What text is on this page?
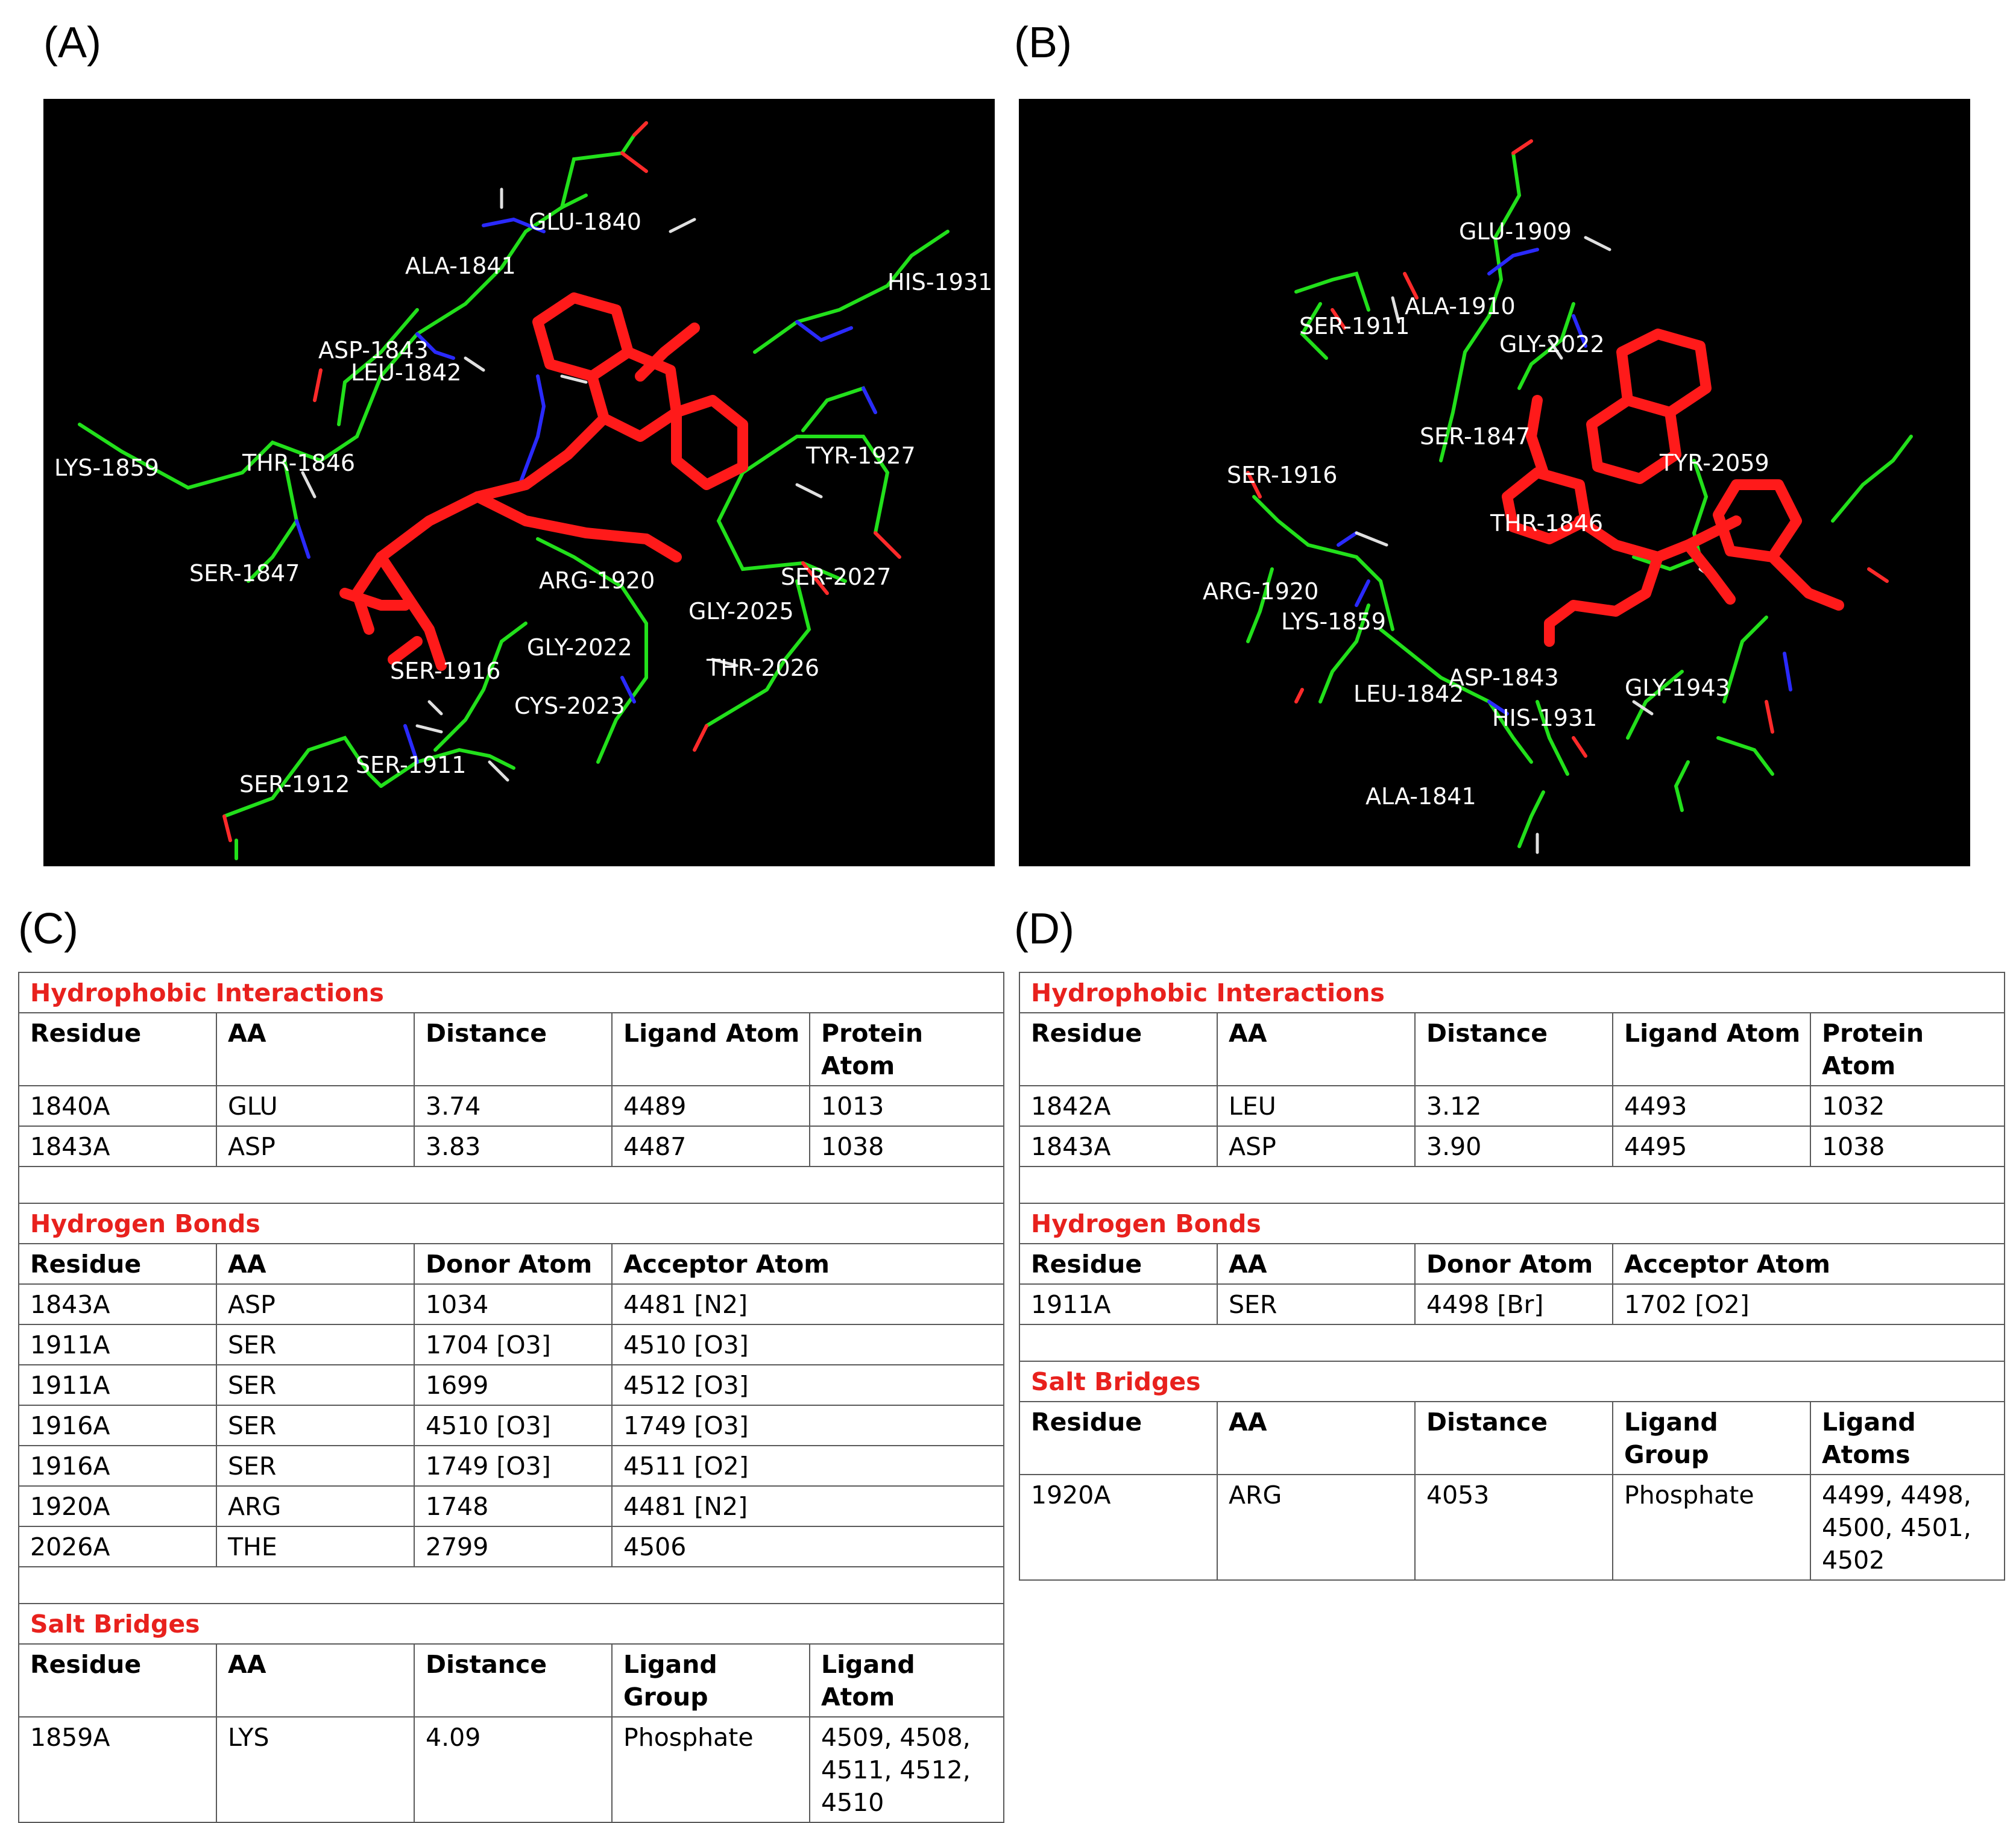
(A)	(B)
(C)	(D)
GLU-1840
ALA-1841
HIS-1931
ASP-1843
LEU-1842
LYS-1859	THR-1846	TYR-1927
SER-1847	ARG-1920	SER-2027
GLY-2025
GLY-2022
THR-2026
SER-1916
CYS-2023
SER-1912
SER-1911
GLU-1909
ALA-1910
SER-1911
GLY-2022
SER-1847
SER-1916	TYR-2059
THR-1846
ARG-1920
LYS-1859
ASP-1843	GLY-1943
LEU-1842
HIS-1931
ALA-1841
Hydrophobic Interactions				
Residue	AA	Distance	Ligand Atom	Protein Atom
1840A	GLU	3.74	4489	1013
1843A	ASP	3.83	4487	1038

Hydrogen Bonds				
Residue	AA	Donor Atom	Acceptor Atom	
1843A	ASP	1034	4481 [N2]	
1911A	SER	1704 [O3]	4510 [O3]	
1911A	SER	1699	4512 [O3]	
1916A	SER	4510 [O3]	1749 [O3]	
1916A	SER	1749 [O3]	4511 [O2]	
1920A	ARG	1748	4481 [N2]	
2026A	THE	2799	4506	

Salt Bridges				
Residue	AA	Distance	Ligand Group	Ligand Atom
1859A	LYS	4.09	Phosphate	4509, 4508, 4511, 4512, 4510
Hydrophobic Interactions				
Residue	AA	Distance	Ligand Atom	Protein Atom
1842A	LEU	3.12	4493	1032
1843A	ASP	3.90	4495	1038

Hydrogen Bonds				
Residue	AA	Donor Atom	Acceptor Atom	
1911A	SER	4498 [Br]	1702 [O2]	

Salt Bridges				
Residue	AA	Distance	Ligand Group	Ligand Atoms
1920A	ARG	4053	Phosphate	4499, 4498, 4500, 4501, 4502
